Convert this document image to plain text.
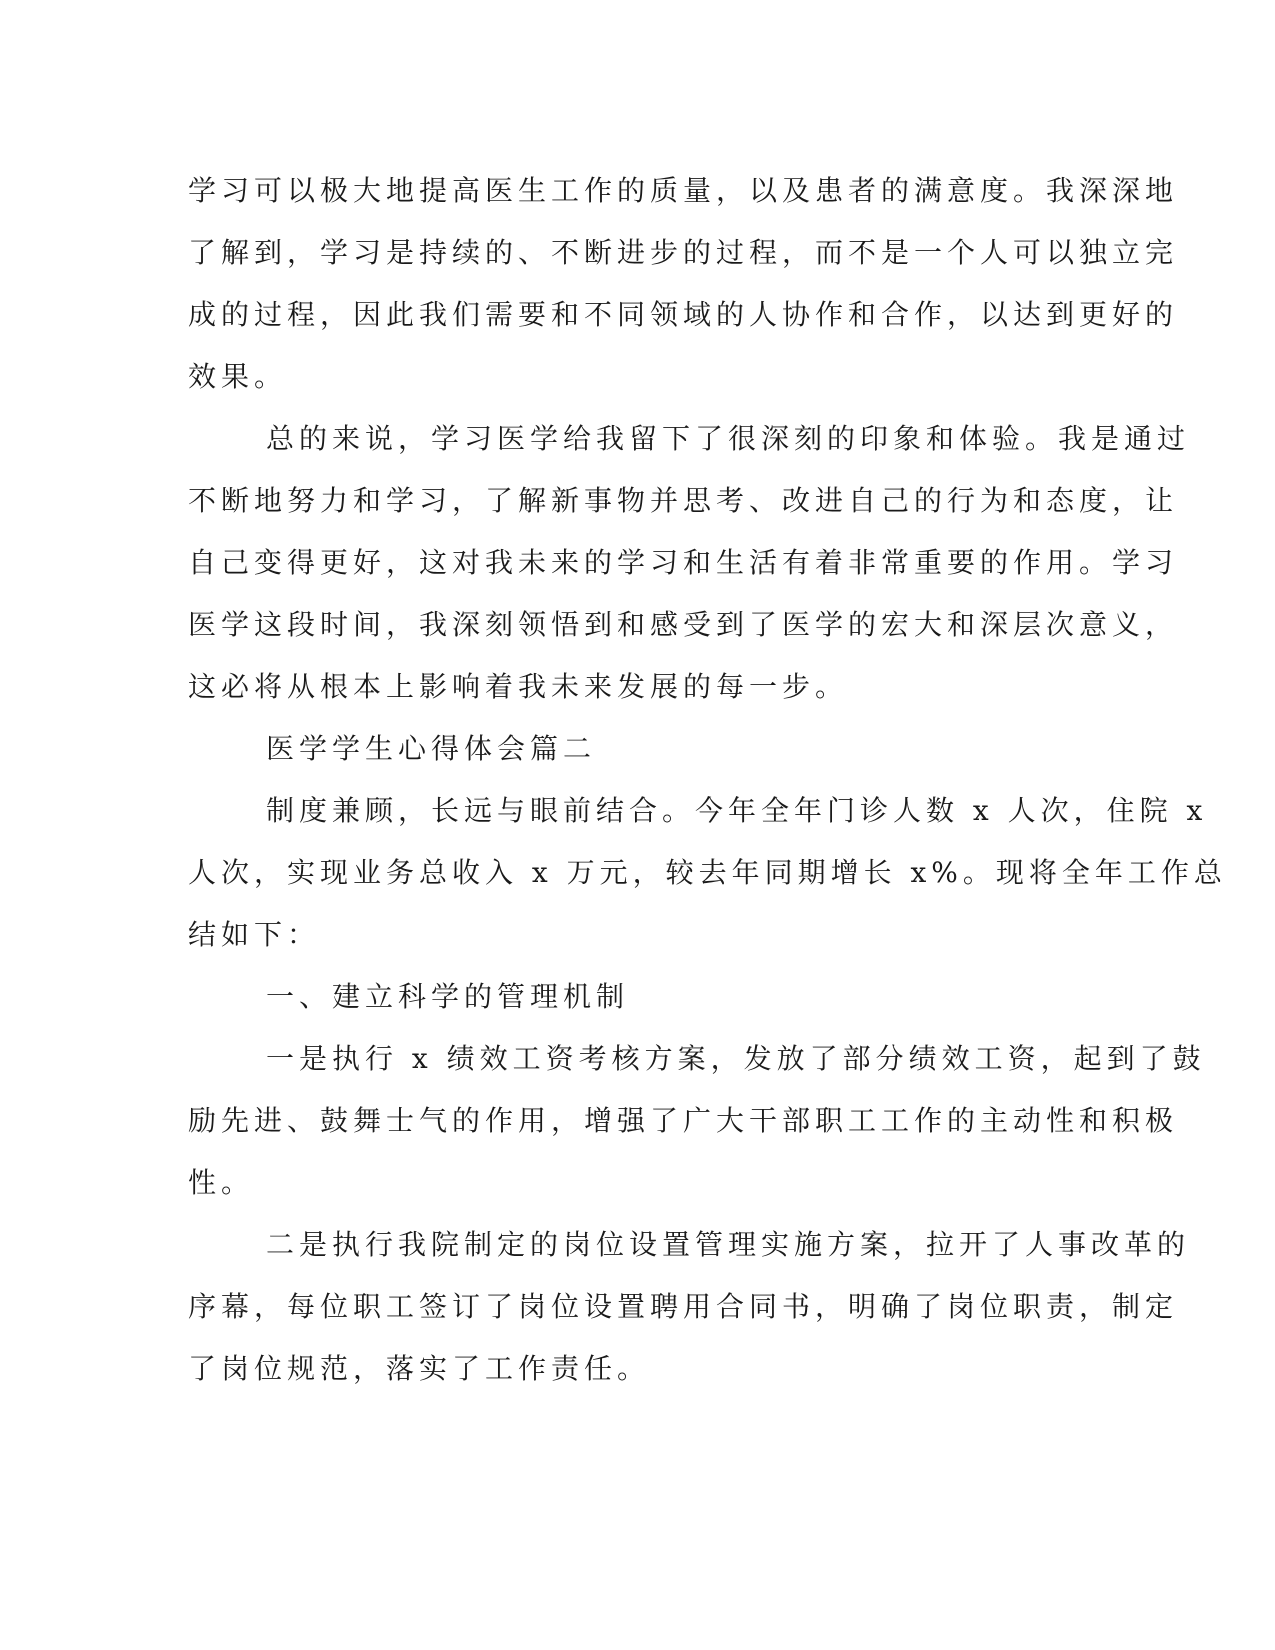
学习可以极大地提高医生工作的质量，以及患者的满意度。我深深地
了解到，学习是持续的、不断进步的过程，而不是一个人可以独立完
成的过程，因此我们需要和不同领域的人协作和合作，以达到更好的
效果。

总的来说，学习医学给我留下了很深刻的印象和体验。我是通过
不断地努力和学习，了解新事物并思考、改进自己的行为和态度，让
自己变得更好，这对我未来的学习和生活有着非常重要的作用。学习
医学这段时间，我深刻领悟到和感受到了医学的宏大和深层次意义，
这必将从根本上影响着我未来发展的每一步。

医学学生心得体会篇二

制度兼顾，长远与眼前结合。今年全年门诊人数 x 人次，住院 x
人次，实现业务总收入 x 万元，较去年同期增长 x%。现将全年工作总
结如下：

一、建立科学的管理机制

一是执行 x 绩效工资考核方案，发放了部分绩效工资，起到了鼓
励先进、鼓舞士气的作用，增强了广大干部职工工作的主动性和积极
性。

二是执行我院制定的岗位设置管理实施方案，拉开了人事改革的
序幕，每位职工签订了岗位设置聘用合同书，明确了岗位职责，制定
了岗位规范，落实了工作责任。
